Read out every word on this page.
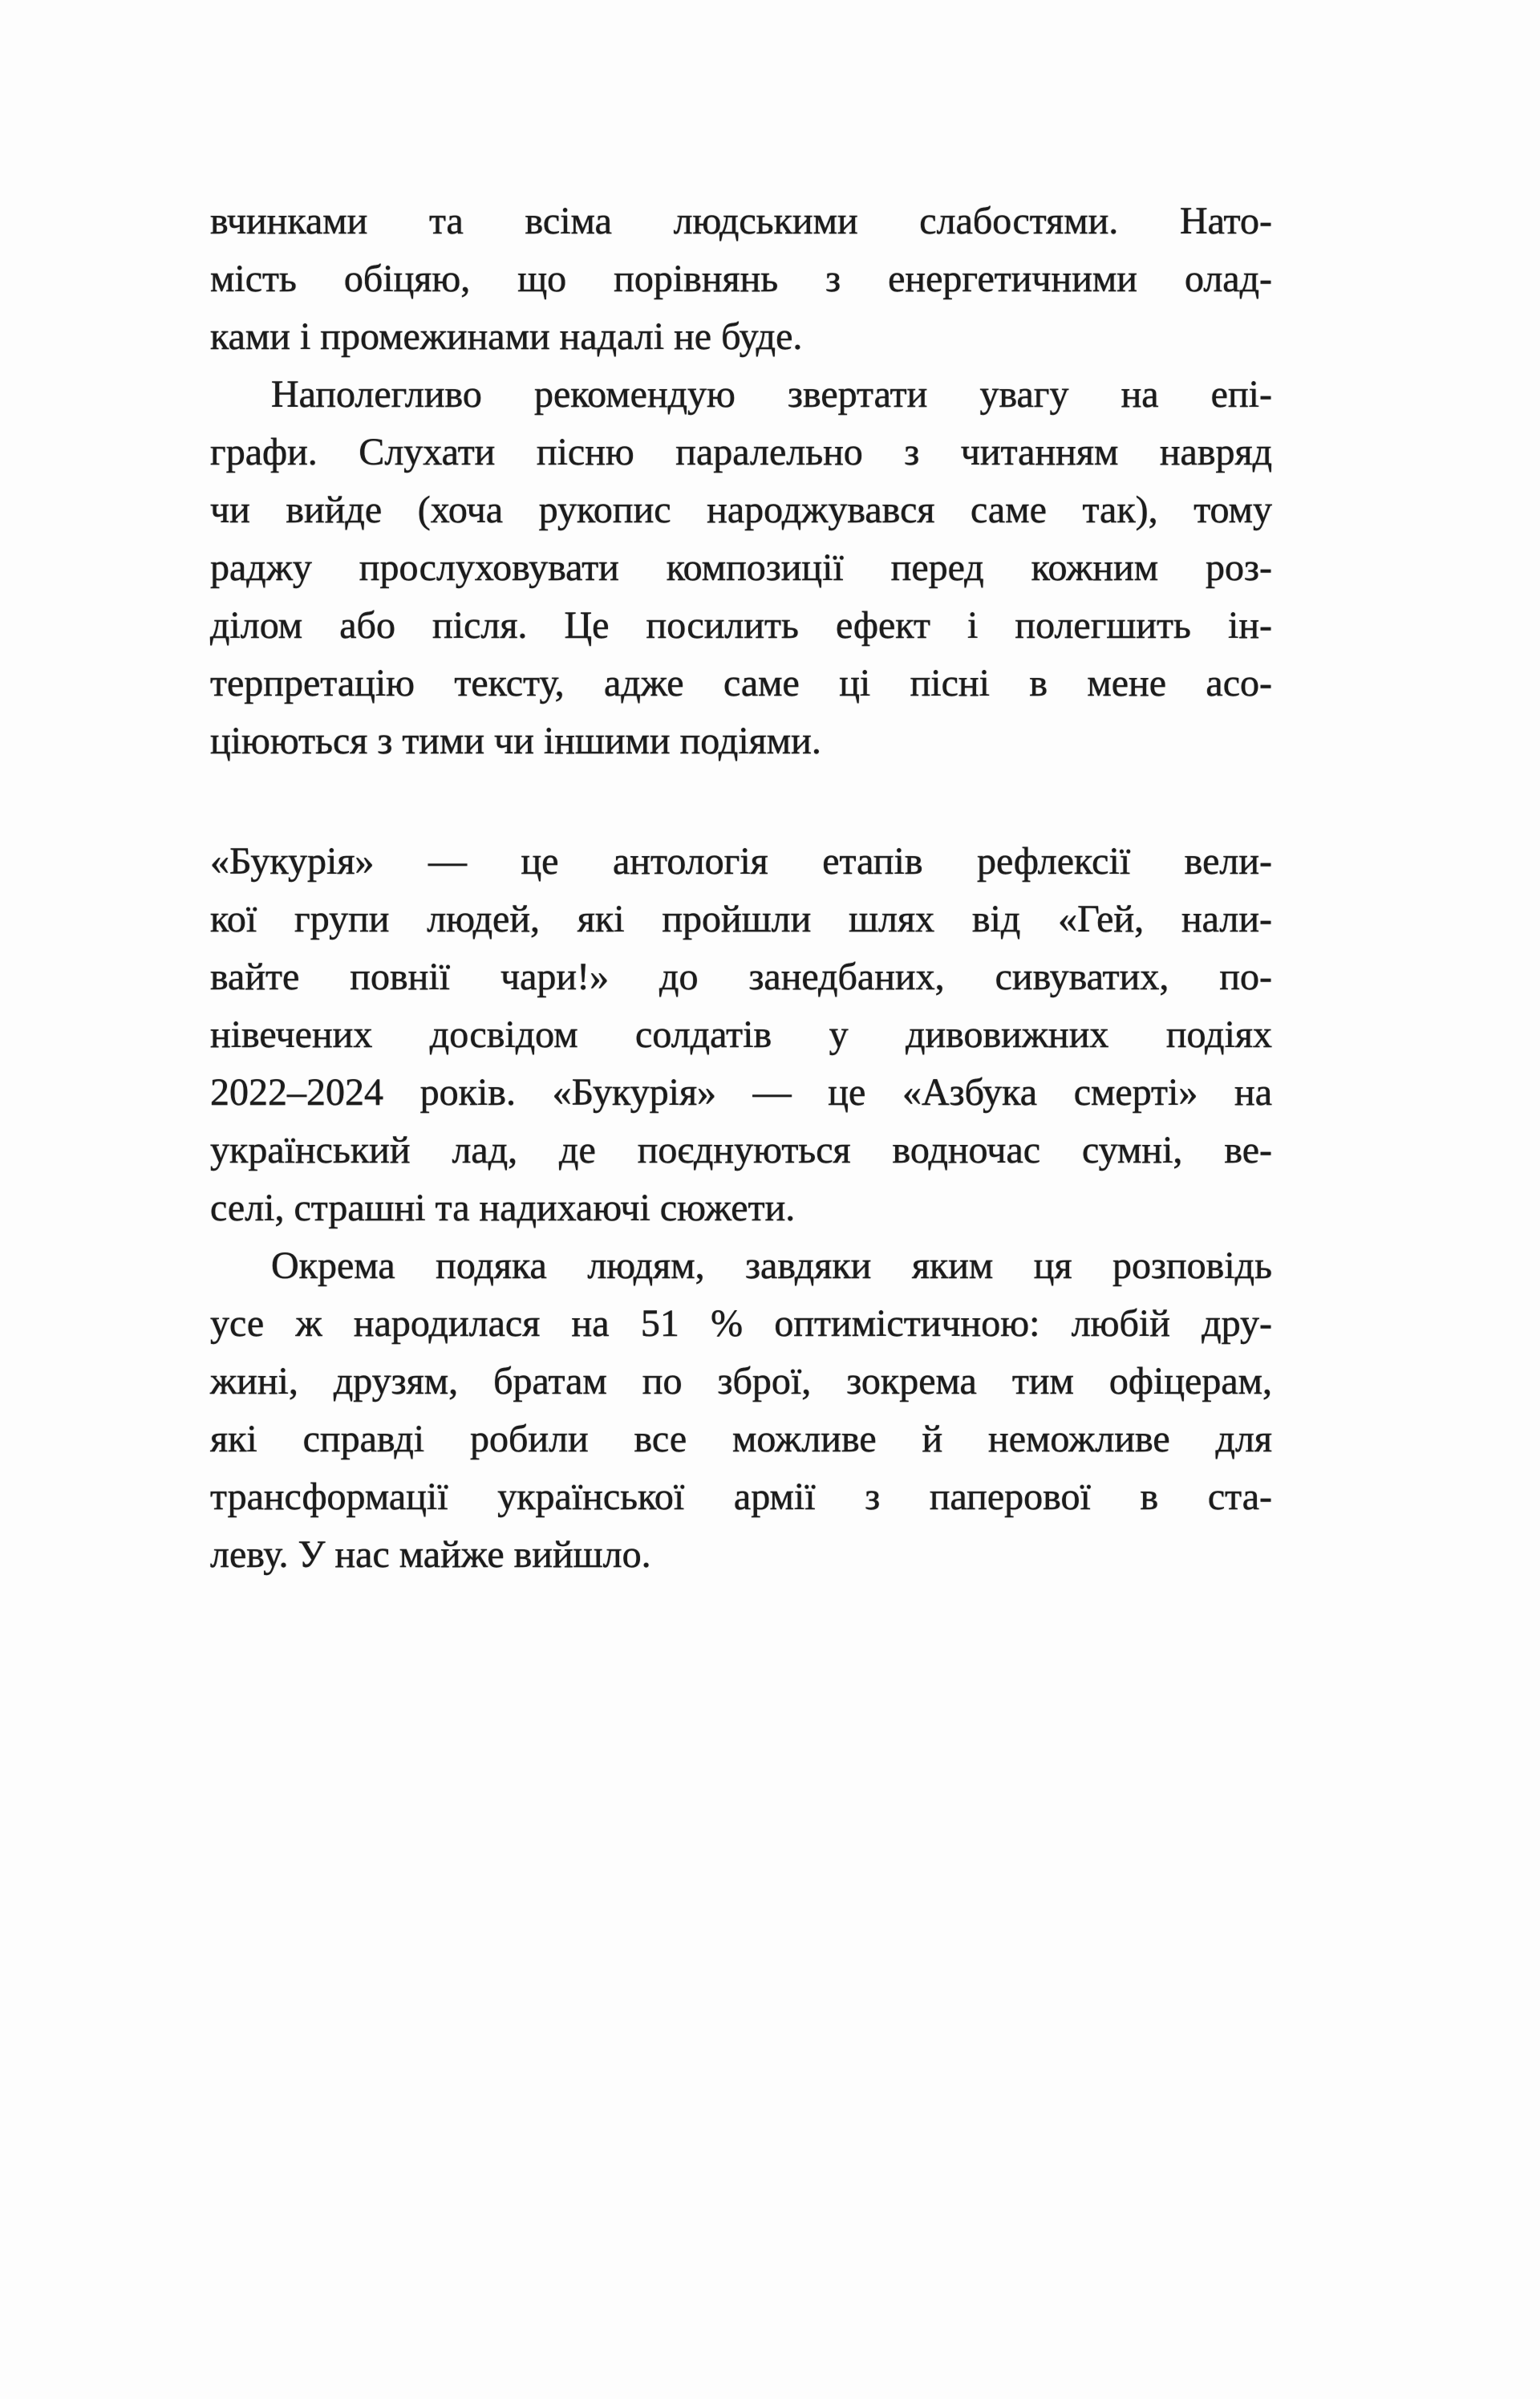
вчинками та всіма людськими слабостями. Нато-
мість обіцяю, що порівнянь з енергетичними олад-
ками і промежинами надалі не буде.

Наполегливо рекомендую звертати увагу на епі-
графи. Слухати пісню паралельно з читанням навряд
чи вийде (хоча рукопис народжувався саме так), тому
раджу прослуховувати композиції перед кожним роз-
ділом або після. Це посилить ефект і полегшить ін-
терпретацію тексту, адже саме ці пісні в мене асо-
ціюються з тими чи іншими подіями.

«Букурія» — це антологія етапів рефлексії вели-
кої групи людей, які пройшли шлях від «Гей, нали-
вайте повнії чари!» до занедбаних, сивуватих, по-
нівечених досвідом солдатів у дивовижних подіях
2022–2024 років. «Букурія» — це «Азбука смерті» на
український лад, де поєднуються водночас сумні, ве-
селі, страшні та надихаючі сюжети.

Окрема подяка людям, завдяки яким ця розповідь
усе ж народилася на 51 % оптимістичною: любій дру-
жині, друзям, братам по зброї, зокрема тим офіцерам,
які справді робили все можливе й неможливе для
трансформації української армії з паперової в ста-
леву. У нас майже вийшло.
